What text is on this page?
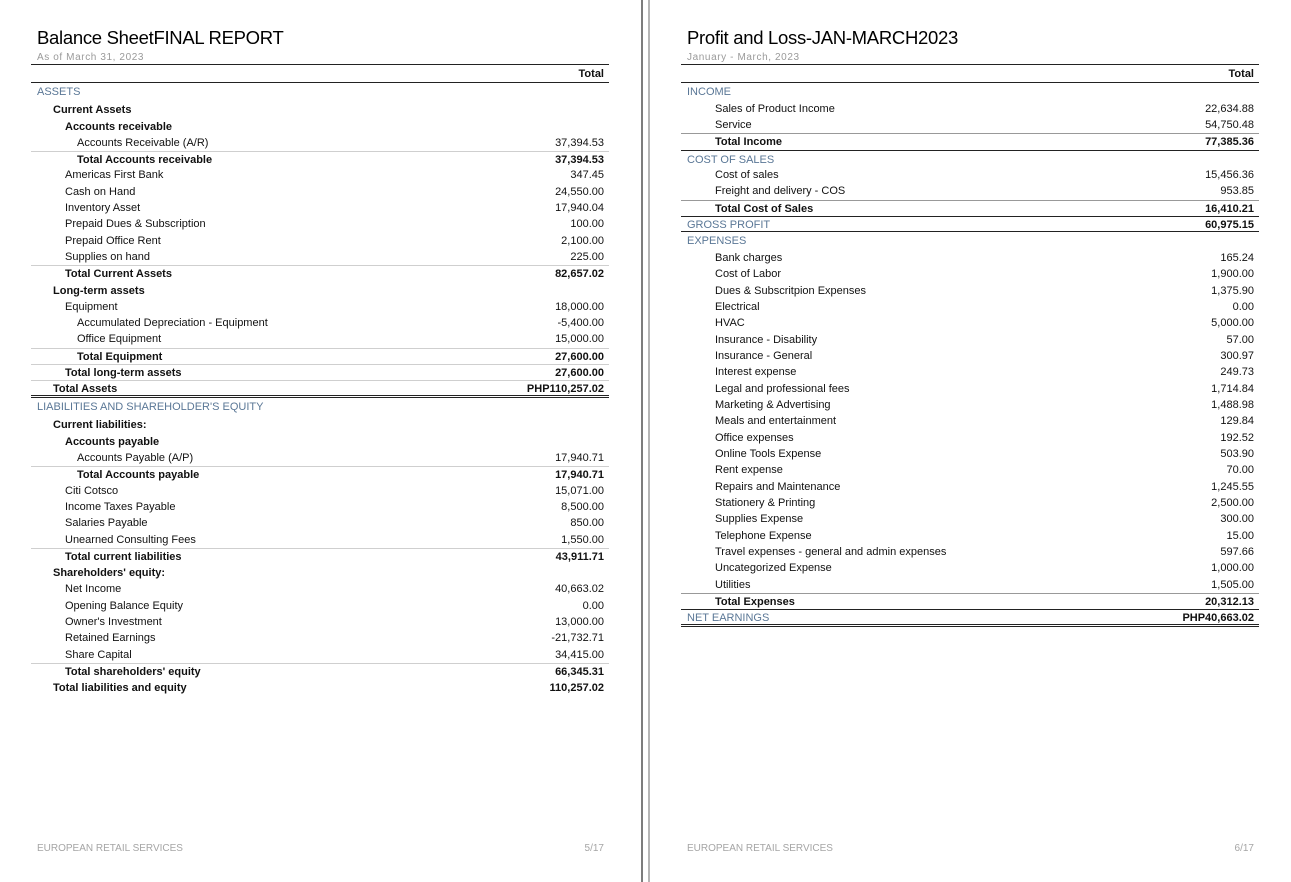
Balance SheetFINAL REPORT
As of March 31, 2023
Total
ASSETS
Current Assets
Accounts receivable
Accounts Receivable (A/R)	37,394.53
Total Accounts receivable	37,394.53
Americas First Bank	347.45
Cash on Hand	24,550.00
Inventory Asset	17,940.04
Prepaid Dues & Subscription	100.00
Prepaid Office Rent	2,100.00
Supplies on hand	225.00
Total Current Assets	82,657.02
Long-term assets
Equipment	18,000.00
Accumulated Depreciation - Equipment	-5,400.00
Office Equipment	15,000.00
Total Equipment	27,600.00
Total long-term assets	27,600.00
Total Assets	PHP110,257.02
LIABILITIES AND SHAREHOLDER'S EQUITY
Current liabilities:
Accounts payable
Accounts Payable (A/P)	17,940.71
Total Accounts payable	17,940.71
Citi Cotsco	15,071.00
Income Taxes Payable	8,500.00
Salaries Payable	850.00
Unearned Consulting Fees	1,550.00
Total current liabilities	43,911.71
Shareholders' equity:
Net Income	40,663.02
Opening Balance Equity	0.00
Owner's Investment	13,000.00
Retained Earnings	-21,732.71
Share Capital	34,415.00
Total shareholders' equity	66,345.31
Total liabilities and equity	110,257.02
EUROPEAN RETAIL SERVICES	5/17
Profit and Loss-JAN-MARCH2023
January - March, 2023
Total
INCOME
Sales of Product Income	22,634.88
Service	54,750.48
Total Income	77,385.36
COST OF SALES
Cost of sales	15,456.36
Freight and delivery - COS	953.85
Total Cost of Sales	16,410.21
GROSS PROFIT	60,975.15
EXPENSES
Bank charges	165.24
Cost of Labor	1,900.00
Dues & Subscritpion Expenses	1,375.90
Electrical	0.00
HVAC	5,000.00
Insurance - Disability	57.00
Insurance - General	300.97
Interest expense	249.73
Legal and professional fees	1,714.84
Marketing & Advertising	1,488.98
Meals and entertainment	129.84
Office expenses	192.52
Online Tools Expense	503.90
Rent expense	70.00
Repairs and Maintenance	1,245.55
Stationery & Printing	2,500.00
Supplies Expense	300.00
Telephone Expense	15.00
Travel expenses - general and admin expenses	597.66
Uncategorized Expense	1,000.00
Utilities	1,505.00
Total Expenses	20,312.13
NET EARNINGS	PHP40,663.02
EUROPEAN RETAIL SERVICES	6/17
